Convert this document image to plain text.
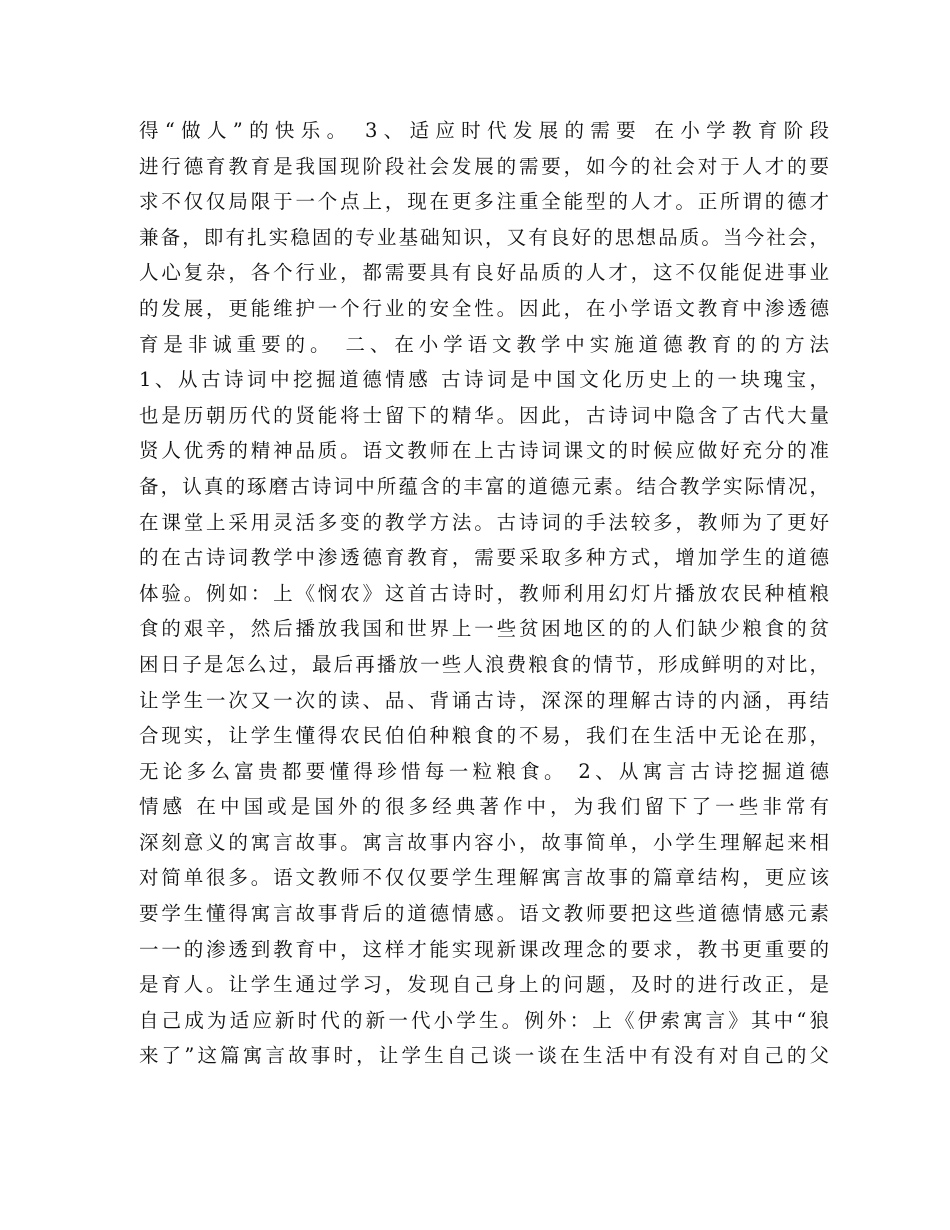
得“做人”的快乐。 3、适应时代发展的需要 在小学教育阶段
进行德育教育是我国现阶段社会发展的需要，如今的社会对于人才的要
求不仅仅局限于一个点上，现在更多注重全能型的人才。正所谓的德才
兼备，即有扎实稳固的专业基础知识，又有良好的思想品质。当今社会，
人心复杂，各个行业，都需要具有良好品质的人才，这不仅能促进事业
的发展，更能维护一个行业的安全性。因此，在小学语文教育中渗透德
育是非诚重要的。 二、在小学语文教学中实施道德教育的的方法
1、从古诗词中挖掘道德情感 古诗词是中国文化历史上的一块瑰宝，
也是历朝历代的贤能将士留下的精华。因此，古诗词中隐含了古代大量
贤人优秀的精神品质。语文教师在上古诗词课文的时候应做好充分的准
备，认真的琢磨古诗词中所蕴含的丰富的道德元素。结合教学实际情况，
在课堂上采用灵活多变的教学方法。古诗词的手法较多，教师为了更好
的在古诗词教学中渗透德育教育，需要采取多种方式，增加学生的道德
体验。例如：上《悯农》这首古诗时，教师利用幻灯片播放农民种植粮
食的艰辛，然后播放我国和世界上一些贫困地区的的人们缺少粮食的贫
困日子是怎么过，最后再播放一些人浪费粮食的情节，形成鲜明的对比，
让学生一次又一次的读、品、背诵古诗，深深的理解古诗的内涵，再结
合现实，让学生懂得农民伯伯种粮食的不易，我们在生活中无论在那，
无论多么富贵都要懂得珍惜每一粒粮食。 2、从寓言古诗挖掘道德
情感 在中国或是国外的很多经典著作中，为我们留下了一些非常有
深刻意义的寓言故事。寓言故事内容小，故事简单，小学生理解起来相
对简单很多。语文教师不仅仅要学生理解寓言故事的篇章结构，更应该
要学生懂得寓言故事背后的道德情感。语文教师要把这些道德情感元素
一一的渗透到教育中，这样才能实现新课改理念的要求，教书更重要的
是育人。让学生通过学习，发现自己身上的问题，及时的进行改正，是
自己成为适应新时代的新一代小学生。例外：上《伊索寓言》其中“狼
来了”这篇寓言故事时，让学生自己谈一谈在生活中有没有对自己的父
